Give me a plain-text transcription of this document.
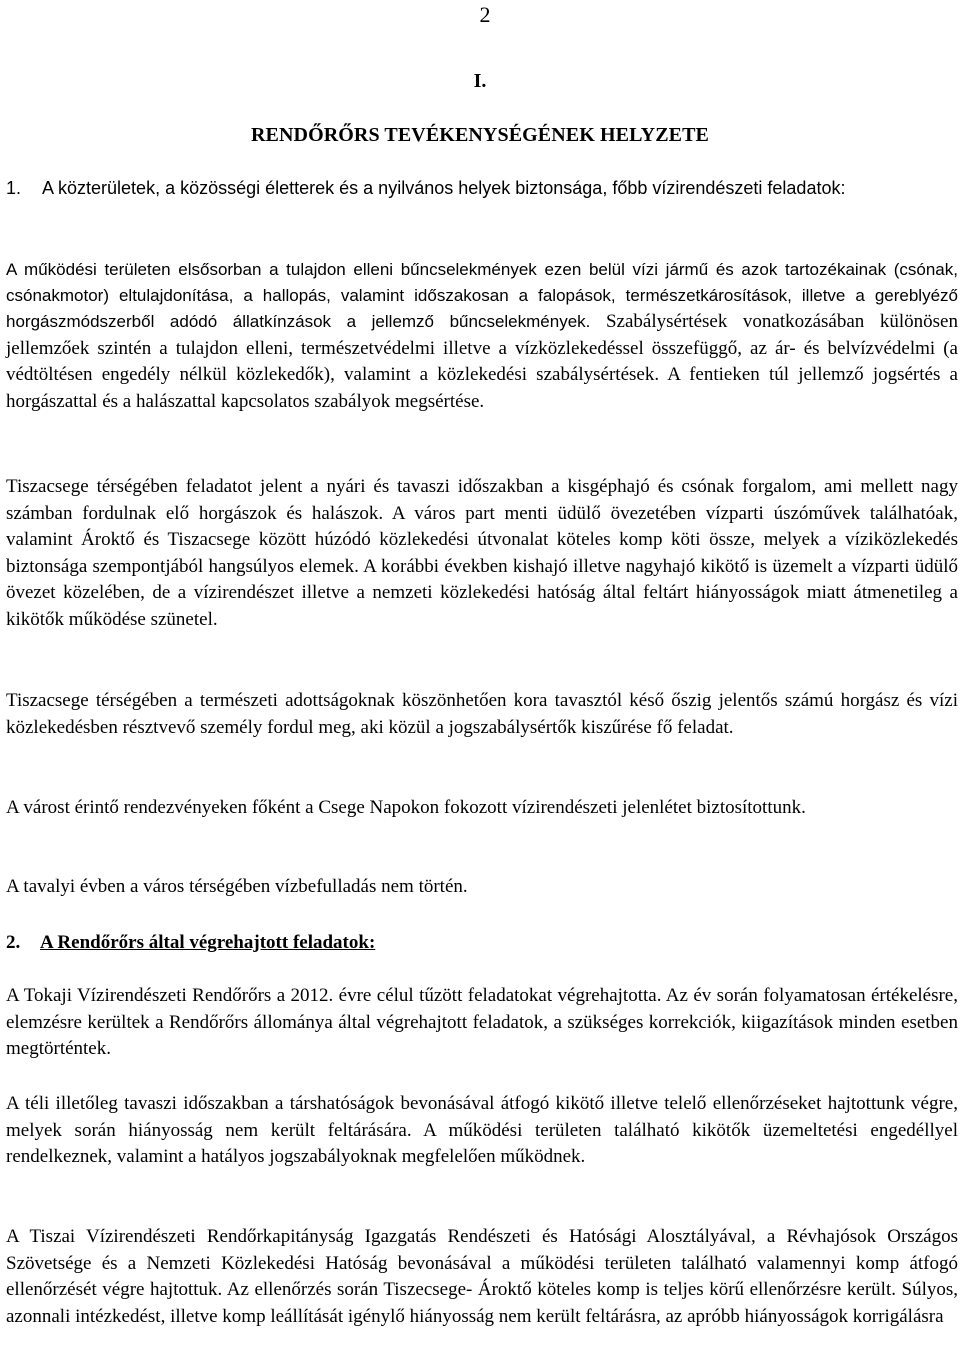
2
I.
RENDŐRŐRS TEVÉKENYSÉGÉNEK HELYZETE
1. A közterületek, a közösségi életterek és a nyilvános helyek biztonsága, főbb vízirendészeti feladatok:

A működési területen elsősorban a tulajdon elleni bűncselekmények ezen belül vízi jármű és azok tartozékainak (csónak, csónakmotor) eltulajdonítása, a hallopás, valamint időszakosan a falopások, természetkárosítások, illetve a gereblyéző horgászmódszerből adódó állatkínzások a jellemző bűncselekmények. Szabálysértések vonatkozásában különösen jellemzőek szintén a tulajdon elleni, természetvédelmi illetve a vízközlekedéssel összefüggő, az ár- és belvízvédelmi (a védtöltésen engedély nélkül közlekedők), valamint a közlekedési szabálysértések. A fentieken túl jellemző jogsértés a horgászattal és a halászattal kapcsolatos szabályok megsértése.

Tiszacsege térségében feladatot jelent a nyári és tavaszi időszakban a kisgéphajó és csónak forgalom, ami mellett nagy számban fordulnak elő horgászok és halászok. A város part menti üdülő övezetében vízparti úszóművek találhatóak, valamint Ároktő és Tiszacsege között húzódó közlekedési útvonalat köteles komp köti össze, melyek a víziközlekedés biztonsága szempontjából hangsúlyos elemek. A korábbi években kishajó illetve nagyhajó kikötő is üzemelt a vízparti üdülő övezet közelében, de a vízirendészet illetve a nemzeti közlekedési hatóság által feltárt hiányosságok miatt átmenetileg a kikötők működése szünetel.
Tiszacsege térségében a természeti adottságoknak köszönhetően kora tavasztól késő őszig jelentős számú horgász és vízi közlekedésben résztvevő személy fordul meg, aki közül a jogszabálysértők kiszűrése fő feladat.
A várost érintő rendezvényeken főként a Csege Napokon fokozott vízirendészeti jelenlétet biztosítottunk.
A tavalyi évben a város térségében vízbefulladás nem történ.
2. A Rendőrőrs által végrehajtott feladatok:
A Tokaji Vízirendészeti Rendőrőrs a 2012. évre célul tűzött feladatokat végrehajtotta. Az év során folyamatosan értékelésre, elemzésre kerültek a Rendőrőrs állománya által végrehajtott feladatok, a szükséges korrekciók, kiigazítások minden esetben megtörténtek.
A téli illetőleg tavaszi időszakban a társhatóságok bevonásával átfogó kikötő illetve telelő ellenőrzéseket hajtottunk végre, melyek során hiányosság nem került feltárására. A működési területen található kikötők üzemeltetési engedéllyel rendelkeznek, valamint a hatályos jogszabályoknak megfelelően működnek.
A Tiszai Vízirendészeti Rendőrkapitányság Igazgatás Rendészeti és Hatósági Alosztályával, a Révhajósok Országos Szövetsége és a Nemzeti Közlekedési Hatóság bevonásával a működési területen található valamennyi komp átfogó ellenőrzését végre hajtottuk. Az ellenőrzés során Tiszecsege- Ároktő köteles komp is teljes körű ellenőrzésre került. Súlyos, azonnali intézkedést, illetve komp leállítását igénylő hiányosság nem került feltárásra, az apróbb hiányosságok korrigálásra
